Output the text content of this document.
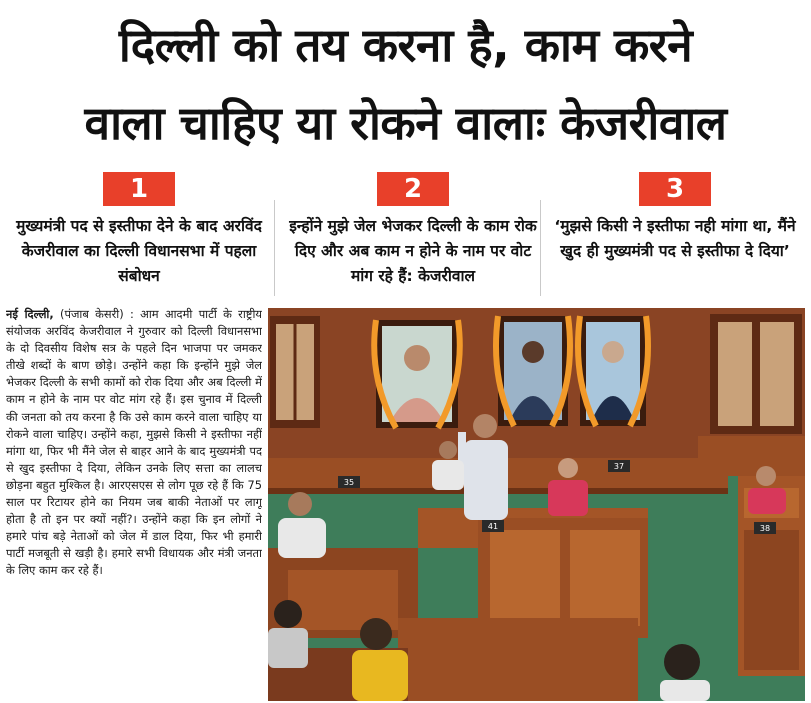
दिल्ली को तय करना है, काम करने
वाला चाहिए या रोकने वालाः केजरीवाल
1
मुख्यमंत्री पद से इस्तीफा देने के बाद अरविंद केजरीवाल का दिल्ली विधानसभा में पहला संबोधन
2
इन्होंने मुझे जेल भेजकर दिल्ली के काम रोक दिए और अब काम न होने के नाम पर वोट मांग रहे हैं: केजरीवाल
3
‘मुझसे किसी ने इस्तीफा नही मांगा था, मैंने खुद ही मुख्यमंत्री पद से इस्तीफा दे दिया’
नई दिल्ली, (पंजाब केसरी) : आम आदमी पार्टी के राष्ट्रीय संयोजक अरविंद केजरीवाल ने गुरुवार को दिल्ली विधानसभा के दो दिवसीय विशेष सत्र के पहले दिन भाजपा पर जमकर तीखे शब्दों के बाण छोड़े। उन्होंने कहा कि इन्होंने मुझे जेल भेजकर दिल्ली के सभी कामों को रोक दिया और अब दिल्ली में काम न होने के नाम पर वोट मांग रहे हैं। इस चुनाव में दिल्ली की जनता को तय करना है कि उसे काम करने वाला चाहिए या रोकने वाला चाहिए। उन्होंने कहा, मुझसे किसी ने इस्तीफा नहीं मांगा था, फिर भी मैंने जेल से बाहर आने के बाद मुख्यमंत्री पद से खुद इस्तीफा दे दिया, लेकिन उनके लिए सत्ता का लालच छोड़ना बहुत मुश्किल है। आरएसएस से लोग पूछ रहे हैं कि 75 साल पर रिटायर होने का नियम जब बाकी नेताओं पर लागू होता है तो इन पर क्यों नहीं?। उन्होंने कहा कि इन लोगों ने हमारे पांच बड़े नेताओं को जेल में डाल दिया, फिर भी हमारी पार्टी मजबूती से खड़ी है। हमारे सभी विधायक और मंत्री जनता के लिए काम कर रहे हैं।
41	38
35
37
